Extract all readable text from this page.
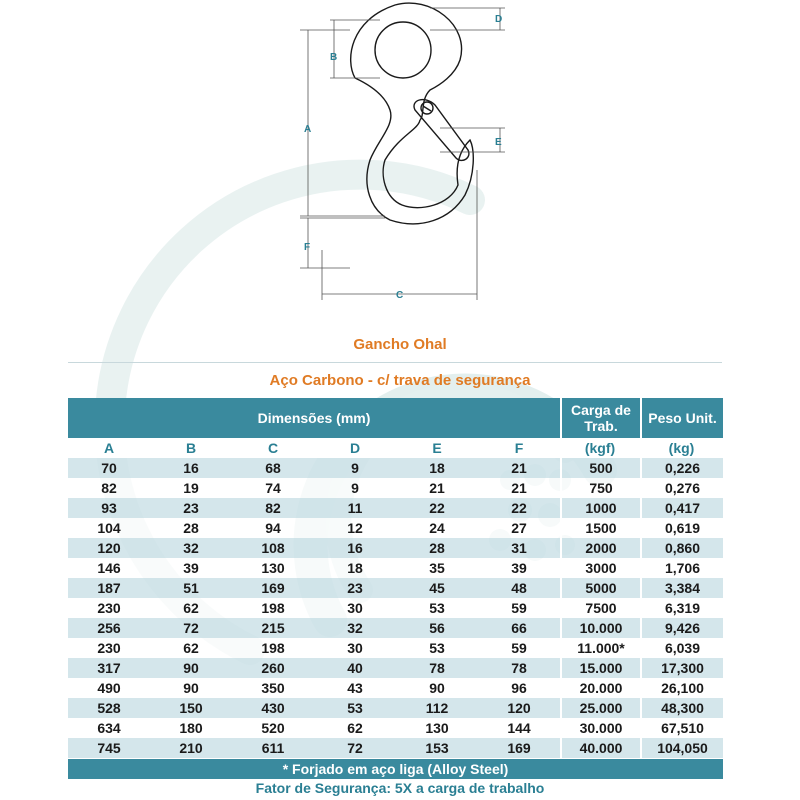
D
B
A
E
F
C
Gancho Ohal
Aço Carbono - c/ trava de segurança
Dimensões (mm)						Carga de Trab.	Peso Unit.
A	B	C	D	E	F	(kgf)	(kg)
70	16	68	9	18	21	500	0,226
82	19	74	9	21	21	750	0,276
93	23	82	11	22	22	1000	0,417
104	28	94	12	24	27	1500	0,619
120	32	108	16	28	31	2000	0,860
146	39	130	18	35	39	3000	1,706
187	51	169	23	45	48	5000	3,384
230	62	198	30	53	59	7500	6,319
256	72	215	32	56	66	10.000	9,426
230	62	198	30	53	59	11.000*	6,039
317	90	260	40	78	78	15.000	17,300
490	90	350	43	90	96	20.000	26,100
528	150	430	53	112	120	25.000	48,300
634	180	520	62	130	144	30.000	67,510
745	210	611	72	153	169	40.000	104,050
* Forjado em aço liga (Alloy Steel)
Fator de Segurança: 5X a carga de trabalho
